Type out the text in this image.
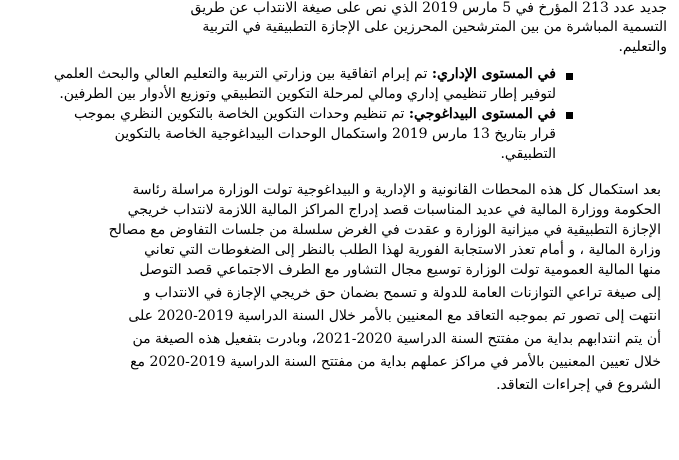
جديد عدد 213 المؤرخ في 5 مارس 2019 الذي نص على صيغة الانتداب عن طريق
التسمية المباشرة من بين المترشحين المحرزين على الإجازة التطبيقية في التربية
والتعليم.
في المستوى الإداري: تم إبرام اتفاقية بين وزارتي التربية والتعليم العالي والبحث العلمي
لتوفير إطار تنظيمي إداري ومالي لمرحلة التكوين التطبيقي وتوزيع الأدوار بين الطرفين.
في المستوى البيداغوجي: تم تنظيم وحدات التكوين الخاصة بالتكوين النظري بموجب
قرار بتاريخ 13 مارس 2019 واستكمال الوحدات البيداغوجية الخاصة بالتكوين
التطبيقي.
بعد استكمال كل هذه المحطات القانونية و الإدارية و البيداغوجية تولت الوزارة مراسلة رئاسة
الحكومة ووزارة المالية في عديد المناسبات قصد إدراج المراكز المالية اللازمة لانتداب خريجي
الإجازة التطبيقية في ميزانية الوزارة و عقدت في الغرض سلسلة من جلسات التفاوض مع مصالح
وزارة المالية ، و أمام تعذر الاستجابة الفورية لهذا الطلب بالنظر إلى الضغوطات التي تعاني
منها المالية العمومية تولت الوزارة توسيع مجال التشاور مع الطرف الاجتماعي قصد التوصل
إلى صيغة تراعي التوازنات العامة للدولة و تسمح بضمان حق خريجي الإجازة في الانتداب و
انتهت إلى تصور تم بموجبه التعاقد مع المعنيين بالأمر خلال السنة الدراسية 2019-2020 على
أن يتم انتدابهم بداية من مفتتح السنة الدراسية 2020-2021، وبادرت بتفعيل هذه الصيغة من
خلال تعيين المعنيين بالأمر في مراكز عملهم بداية من مفتتح السنة الدراسية 2019-2020 مع
الشروع في إجراءات التعاقد.
